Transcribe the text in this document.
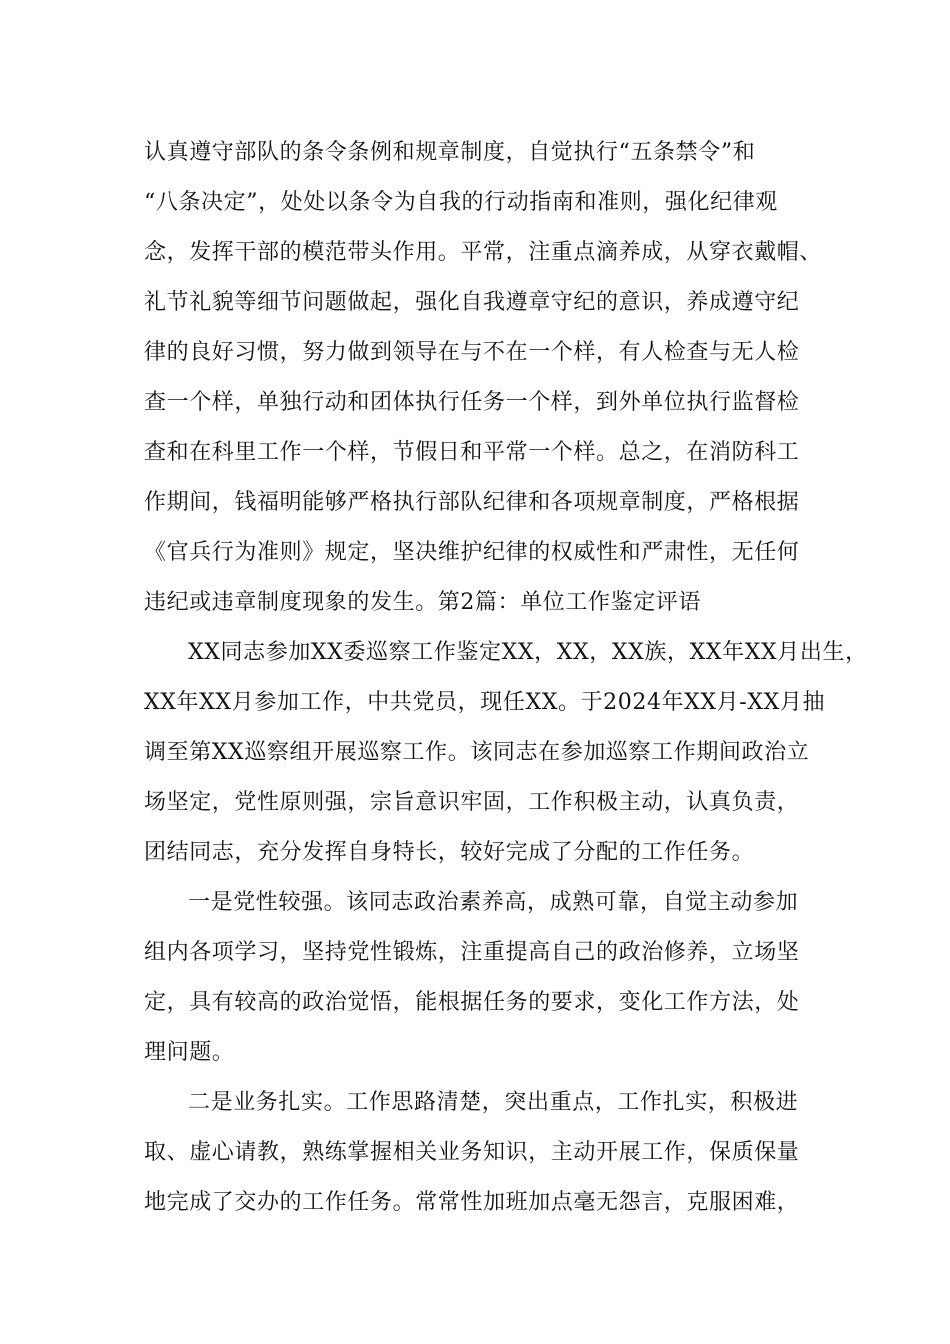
认真遵守部队的条令条例和规章制度，自觉执行“五条禁令”和
“八条决定”，处处以条令为自我的行动指南和准则，强化纪律观
念，发挥干部的模范带头作用。平常，注重点滴养成，从穿衣戴帽、
礼节礼貌等细节问题做起，强化自我遵章守纪的意识，养成遵守纪
律的良好习惯，努力做到领导在与不在一个样，有人检查与无人检
查一个样，单独行动和团体执行任务一个样，到外单位执行监督检
查和在科里工作一个样，节假日和平常一个样。总之，在消防科工
作期间，钱福明能够严格执行部队纪律和各项规章制度，严格根据
《官兵行为准则》规定，坚决维护纪律的权威性和严肃性，无任何
违纪或违章制度现象的发生。第2篇：单位工作鉴定评语
XX同志参加XX委巡察工作鉴定XX，XX，XX族，XX年XX月出生，
XX年XX月参加工作，中共党员，现任XX。于2024年XX月-XX月抽
调至第XX巡察组开展巡察工作。该同志在参加巡察工作期间政治立
场坚定，党性原则强，宗旨意识牢固，工作积极主动，认真负责，
团结同志，充分发挥自身特长，较好完成了分配的工作任务。
一是党性较强。该同志政治素养高，成熟可靠，自觉主动参加
组内各项学习，坚持党性锻炼，注重提高自己的政治修养，立场坚
定，具有较高的政治觉悟，能根据任务的要求，变化工作方法，处
理问题。
二是业务扎实。工作思路清楚，突出重点，工作扎实，积极进
取、虚心请教，熟练掌握相关业务知识，主动开展工作，保质保量
地完成了交办的工作任务。常常性加班加点毫无怨言，克服困难，
